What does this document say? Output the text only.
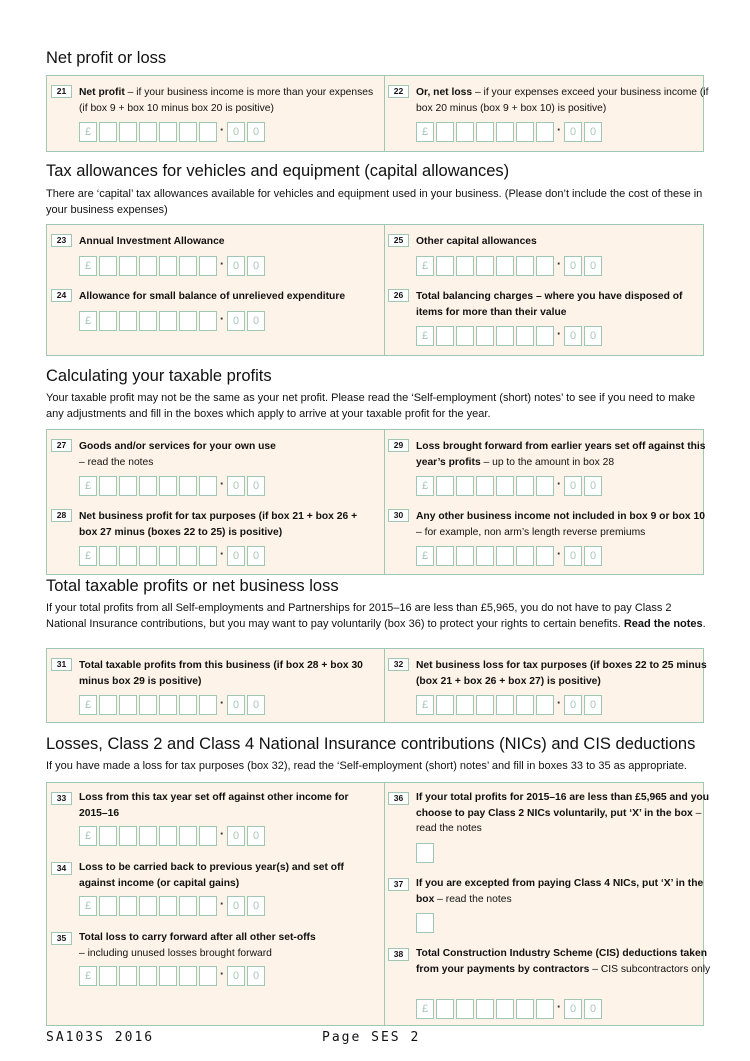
Net profit or loss
Net profit – if your business income is more than your expenses (if box 9 + box 10 minus box 20 is positive)
21
£	· 0	0
Or, net loss – if your expenses exceed your business income (if box 20 minus (box 9 + box 10) is positive)
22
£	· 0	0
Tax allowances for vehicles and equipment (capital allowances)
There are ‘capital’ tax allowances available for vehicles and equipment used in your business. (Please don’t include the cost of these in your business expenses)
Annual Investment Allowance
23
£	· 0	0
Allowance for small balance of unrelieved expenditure
24
£	· 0	0
Other capital allowances
25
£	· 0	0
Total balancing charges – where you have disposed of items for more than their value
26
£	· 0	0
Calculating your taxable profits
Your taxable profit may not be the same as your net profit. Please read the ‘Self-employment (short) notes’ to see if you need to make any adjustments and fill in the boxes which apply to arrive at your taxable profit for the year.
Goods and/or services for your own use
– read the notes
27
£	· 0	0
Net business profit for tax purposes (if box 21 + box 26 + box 27 minus (boxes 22 to 25) is positive)
28
£	· 0	0
Loss brought forward from earlier years set off against this year’s profits – up to the amount in box 28
29
£	· 0	0
Any other business income not included in box 9 or box 10
– for example, non arm’s length reverse premiums
30
£	· 0	0
Total taxable profits or net business loss
If your total profits from all Self-employments and Partnerships for 2015–16 are less than £5,965, you do not have to pay Class 2 National Insurance contributions, but you may want to pay voluntarily (box 36) to protect your rights to certain benefits. Read the notes.
Total taxable profits from this business (if box 28 + box 30 minus box 29 is positive)
31
£	· 0	0
Net business loss for tax purposes (if boxes 22 to 25 minus (box 21 + box 26 + box 27) is positive)
32
£	· 0	0
Losses, Class 2 and Class 4 National Insurance contributions (NICs) and CIS deductions
If you have made a loss for tax purposes (box 32), read the ‘Self-employment (short) notes’ and fill in boxes 33 to 35 as appropriate.
Loss from this tax year set off against other income for 2015–16
33
£	· 0	0
Loss to be carried back to previous year(s) and set off against income (or capital gains)
34
£	· 0	0
Total loss to carry forward after all other set-offs
– including unused losses brought forward
35
£	· 0	0
If your total profits for 2015–16 are less than £5,965 and you choose to pay Class 2 NICs voluntarily, put ‘X’ in the box – read the notes
36
If you are excepted from paying Class 4 NICs, put ‘X’ in the box – read the notes
37
Total Construction Industry Scheme (CIS) deductions taken from your payments by contractors – CIS subcontractors only
38
£	· 0	0
SA103S 2016	Page SES 2
